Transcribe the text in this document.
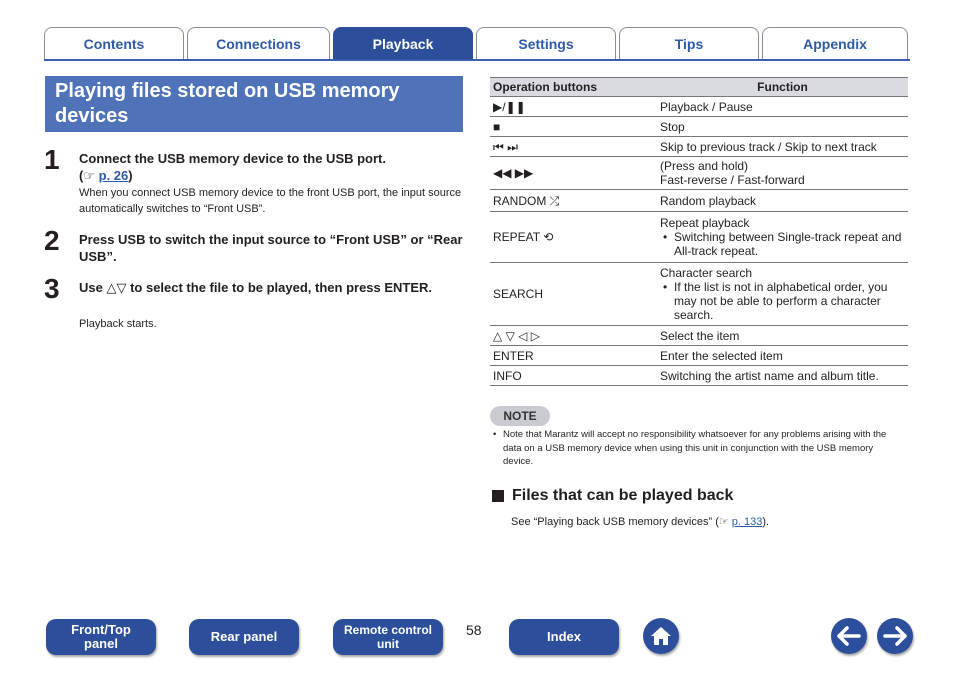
Contents	Connections	Playback	Settings	Tips	Appendix
Playing files stored on USB memory devices
1	Connect the USB memory device to the USB port.
(☞ p. 26)
When you connect USB memory device to the front USB port, the input source automatically switches to “Front USB”.
2	Press USB to switch the input source to “Front USB” or “Rear USB”.
3	Use △▽ to select the file to be played, then press ENTER.
Playback starts.
Operation buttons	Function
▶/❚❚	Playback / Pause
■	Stop
⏮ ⏭	Skip to previous track / Skip to next track
◀◀ ▶▶	(Press and hold)
Fast-reverse / Fast-forward

RANDOM ⤮	Random playback
REPEAT ⟲	Repeat playback
• Switching between Single-track repeat and All-track repeat.

SEARCH	Character search
• If the list is not in alphabetical order, you may not be able to perform a character search.

△ ▽ ◁ ▷	Select the item
ENTER	Enter the selected item
INFO	Switching the artist name and album title.
NOTE
• Note that Marantz will accept no responsibility whatsoever for any problems arising with the data on a USB memory device when using this unit in conjunction with the USB memory device.
Files that can be played back
See “Playing back USB memory devices” (☞ p. 133).
Front/Top panel	Rear panel	Remote control unit
58	Index
